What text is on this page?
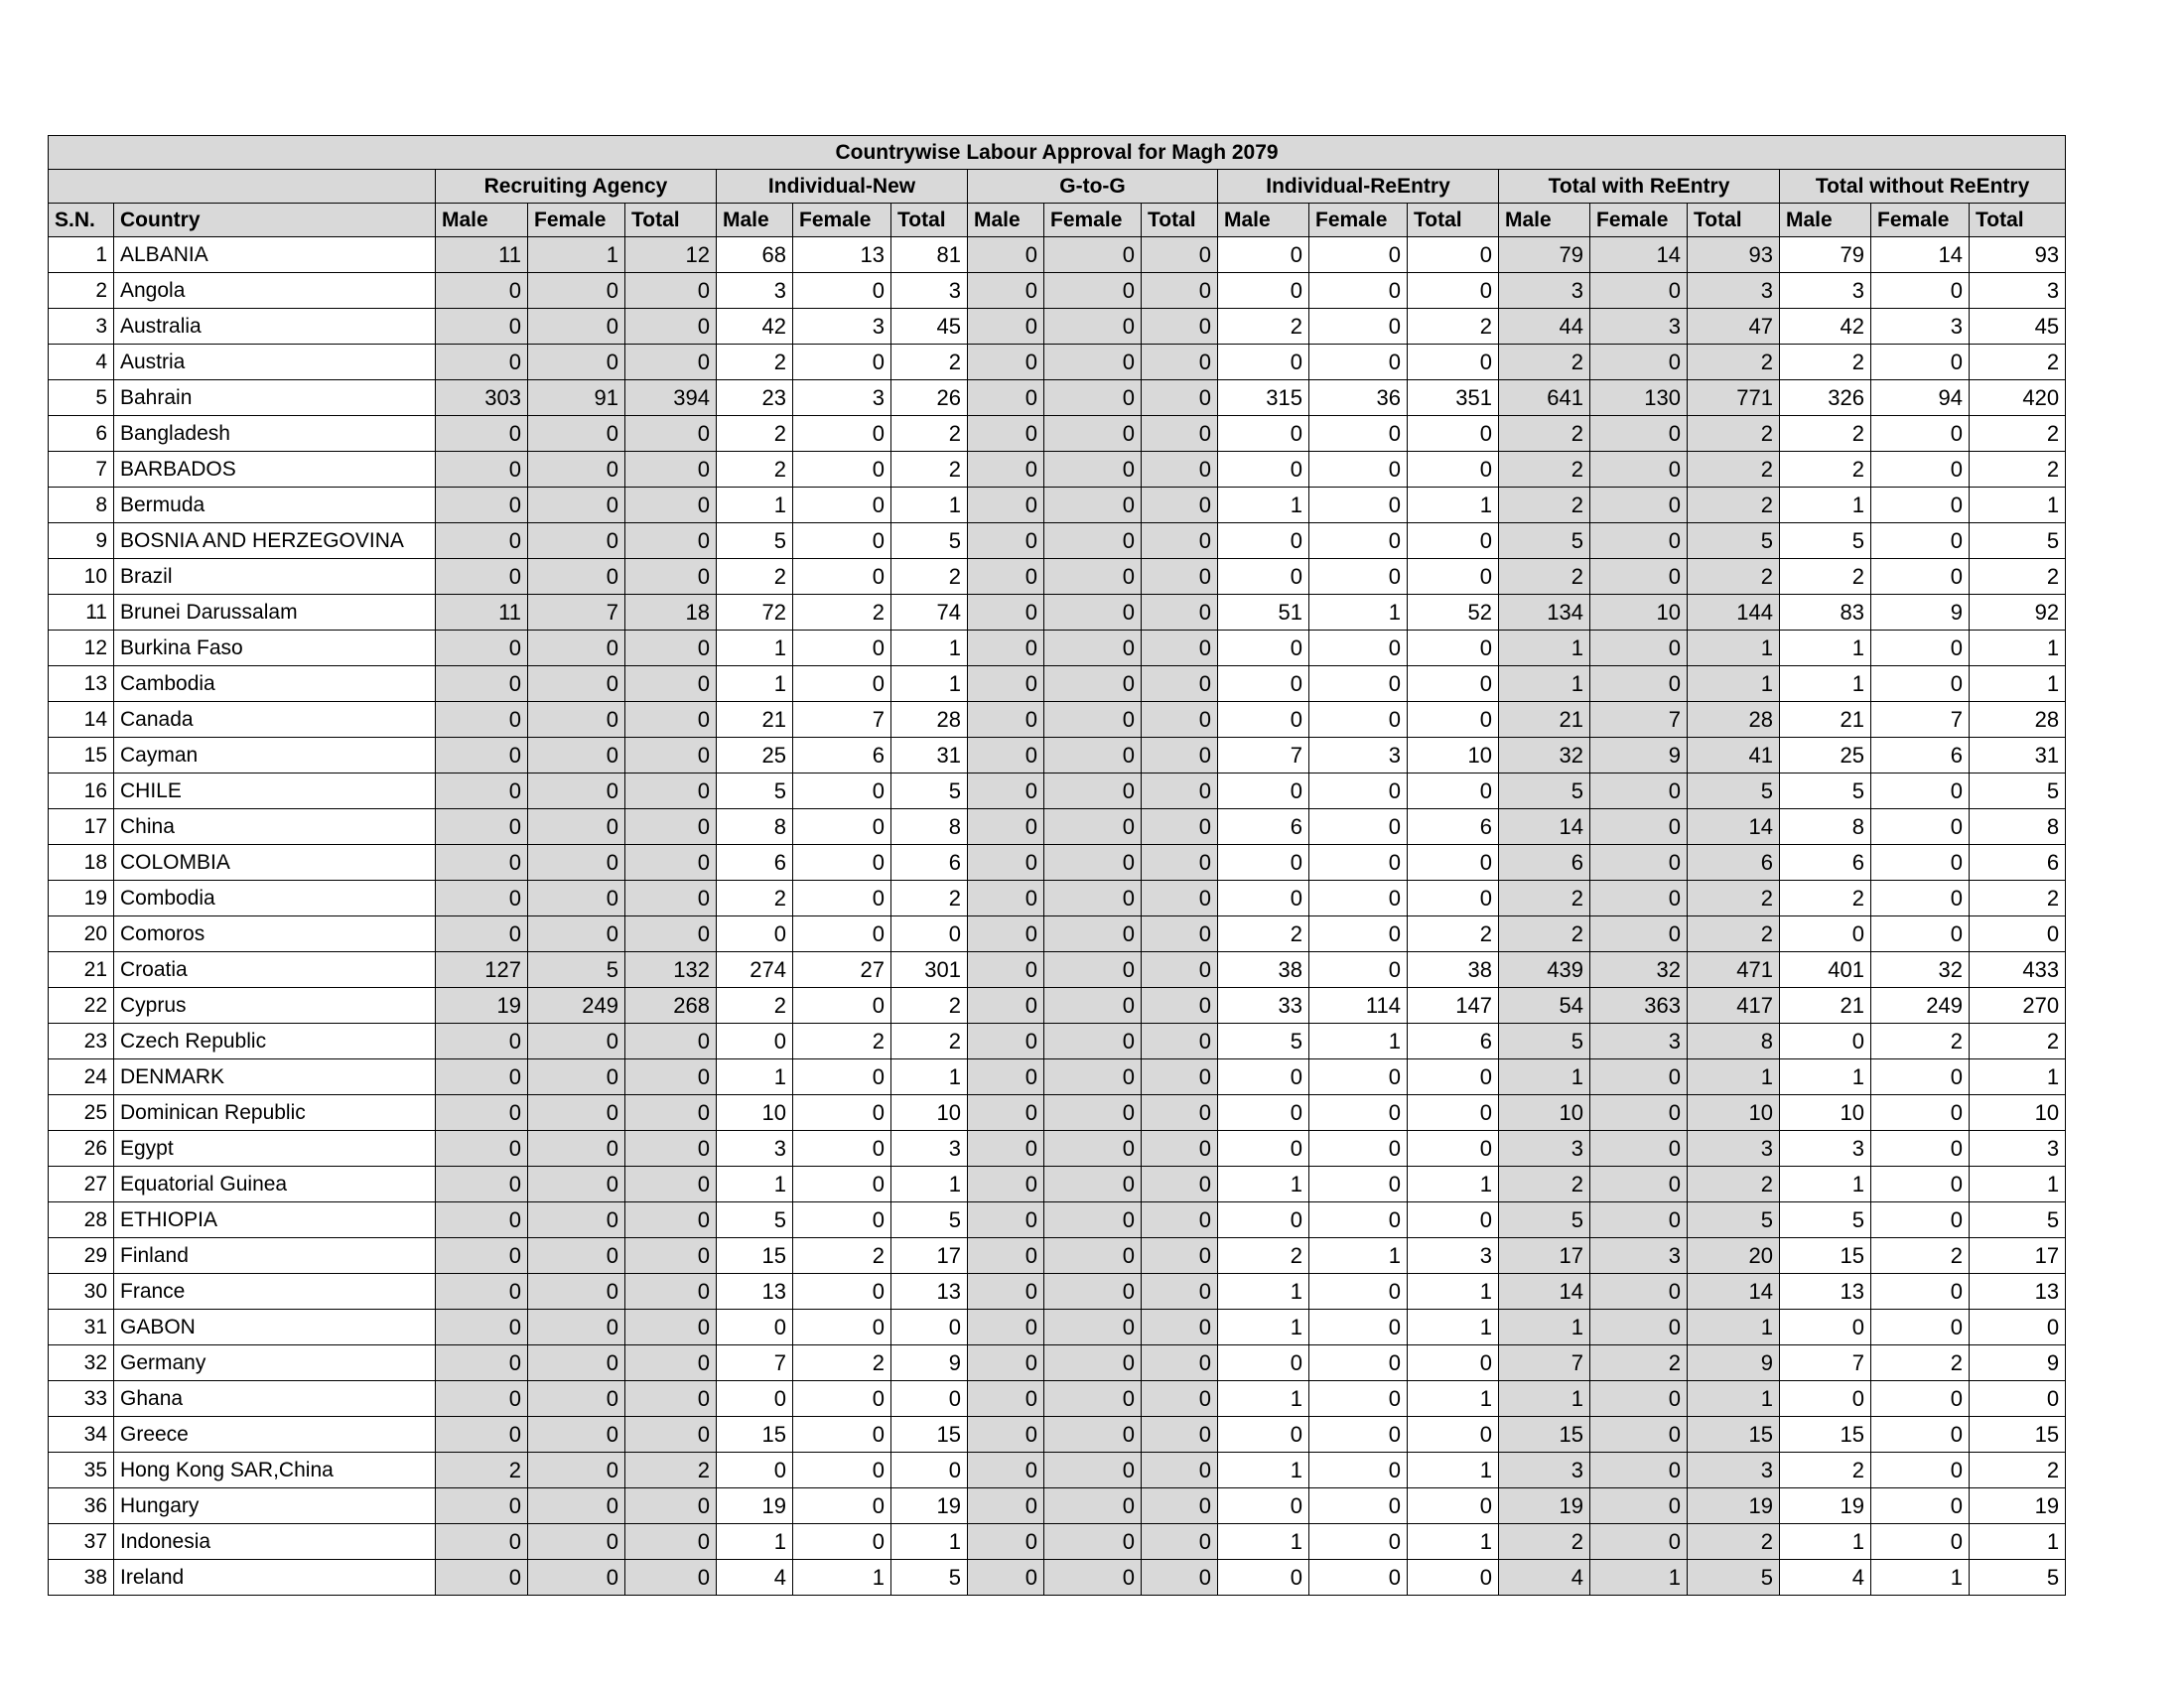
Countrywise Labour Approval for Magh 2079																			
		Recruiting Agency			Individual-New			G-to-G			Individual-ReEntry			Total with ReEntry			Total without ReEntry		
S.N.	Country	Male	Female	Total	Male	Female	Total	Male	Female	Total	Male	Female	Total	Male	Female	Total	Male	Female	Total
1	ALBANIA	11	1	12	68	13	81	0	0	0	0	0	0	79	14	93	79	14	93
2	Angola	0	0	0	3	0	3	0	0	0	0	0	0	3	0	3	3	0	3
3	Australia	0	0	0	42	3	45	0	0	0	2	0	2	44	3	47	42	3	45
4	Austria	0	0	0	2	0	2	0	0	0	0	0	0	2	0	2	2	0	2
5	Bahrain	303	91	394	23	3	26	0	0	0	315	36	351	641	130	771	326	94	420
6	Bangladesh	0	0	0	2	0	2	0	0	0	0	0	0	2	0	2	2	0	2
7	BARBADOS	0	0	0	2	0	2	0	0	0	0	0	0	2	0	2	2	0	2
8	Bermuda	0	0	0	1	0	1	0	0	0	1	0	1	2	0	2	1	0	1
9	BOSNIA AND HERZEGOVINA	0	0	0	5	0	5	0	0	0	0	0	0	5	0	5	5	0	5
10	Brazil	0	0	0	2	0	2	0	0	0	0	0	0	2	0	2	2	0	2
11	Brunei Darussalam	11	7	18	72	2	74	0	0	0	51	1	52	134	10	144	83	9	92
12	Burkina Faso	0	0	0	1	0	1	0	0	0	0	0	0	1	0	1	1	0	1
13	Cambodia	0	0	0	1	0	1	0	0	0	0	0	0	1	0	1	1	0	1
14	Canada	0	0	0	21	7	28	0	0	0	0	0	0	21	7	28	21	7	28
15	Cayman	0	0	0	25	6	31	0	0	0	7	3	10	32	9	41	25	6	31
16	CHILE	0	0	0	5	0	5	0	0	0	0	0	0	5	0	5	5	0	5
17	China	0	0	0	8	0	8	0	0	0	6	0	6	14	0	14	8	0	8
18	COLOMBIA	0	0	0	6	0	6	0	0	0	0	0	0	6	0	6	6	0	6
19	Combodia	0	0	0	2	0	2	0	0	0	0	0	0	2	0	2	2	0	2
20	Comoros	0	0	0	0	0	0	0	0	0	2	0	2	2	0	2	0	0	0
21	Croatia	127	5	132	274	27	301	0	0	0	38	0	38	439	32	471	401	32	433
22	Cyprus	19	249	268	2	0	2	0	0	0	33	114	147	54	363	417	21	249	270
23	Czech Republic	0	0	0	0	2	2	0	0	0	5	1	6	5	3	8	0	2	2
24	DENMARK	0	0	0	1	0	1	0	0	0	0	0	0	1	0	1	1	0	1
25	Dominican Republic	0	0	0	10	0	10	0	0	0	0	0	0	10	0	10	10	0	10
26	Egypt	0	0	0	3	0	3	0	0	0	0	0	0	3	0	3	3	0	3
27	Equatorial Guinea	0	0	0	1	0	1	0	0	0	1	0	1	2	0	2	1	0	1
28	ETHIOPIA	0	0	0	5	0	5	0	0	0	0	0	0	5	0	5	5	0	5
29	Finland	0	0	0	15	2	17	0	0	0	2	1	3	17	3	20	15	2	17
30	France	0	0	0	13	0	13	0	0	0	1	0	1	14	0	14	13	0	13
31	GABON	0	0	0	0	0	0	0	0	0	1	0	1	1	0	1	0	0	0
32	Germany	0	0	0	7	2	9	0	0	0	0	0	0	7	2	9	7	2	9
33	Ghana	0	0	0	0	0	0	0	0	0	1	0	1	1	0	1	0	0	0
34	Greece	0	0	0	15	0	15	0	0	0	0	0	0	15	0	15	15	0	15
35	Hong Kong SAR,China	2	0	2	0	0	0	0	0	0	1	0	1	3	0	3	2	0	2
36	Hungary	0	0	0	19	0	19	0	0	0	0	0	0	19	0	19	19	0	19
37	Indonesia	0	0	0	1	0	1	0	0	0	1	0	1	2	0	2	1	0	1
38	Ireland	0	0	0	4	1	5	0	0	0	0	0	0	4	1	5	4	1	5
